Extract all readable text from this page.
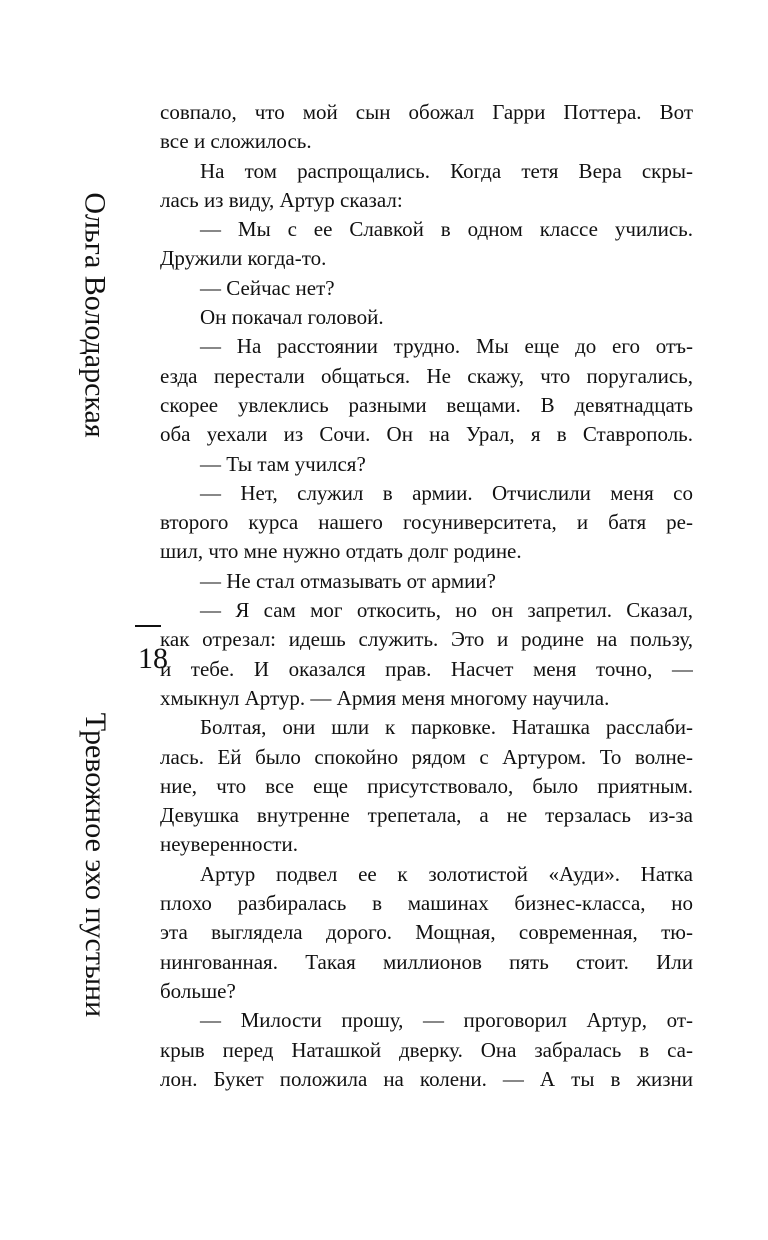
Ольга Володарская
18
Тревожное эхо пустыни
совпало, что мой сын обожал Гарри Поттера. Вот
все и сложилось.
На том распрощались. Когда тетя Вера скры-
лась из виду, Артур сказал:
— Мы с ее Славкой в одном классе учились.
Дружили когда-то.
— Сейчас нет?
Он покачал головой.
— На расстоянии трудно. Мы еще до его отъ-
езда перестали общаться. Не скажу, что поругались,
скорее увлеклись разными вещами. В девятнадцать
оба уехали из Сочи. Он на Урал, я в Ставрополь.
— Ты там учился?
— Нет, служил в армии. Отчислили меня со
второго курса нашего госуниверситета, и батя ре-
шил, что мне нужно отдать долг родине.
— Не стал отмазывать от армии?
— Я сам мог откосить, но он запретил. Сказал,
как отрезал: идешь служить. Это и родине на пользу,
и тебе. И оказался прав. Насчет меня точно, —
хмыкнул Артур. — Армия меня многому научила.
Болтая, они шли к парковке. Наташка расслаби-
лась. Ей было спокойно рядом с Артуром. То волне-
ние, что все еще присутствовало, было приятным.
Девушка внутренне трепетала, а не терзалась из-за
неуверенности.
Артур подвел ее к золотистой «Ауди». Натка
плохо разбиралась в машинах бизнес-класса, но
эта выглядела дорого. Мощная, современная, тю-
нингованная. Такая миллионов пять стоит. Или
больше?
— Милости прошу, — проговорил Артур, от-
крыв перед Наташкой дверку. Она забралась в са-
лон. Букет положила на колени. — А ты в жизни
